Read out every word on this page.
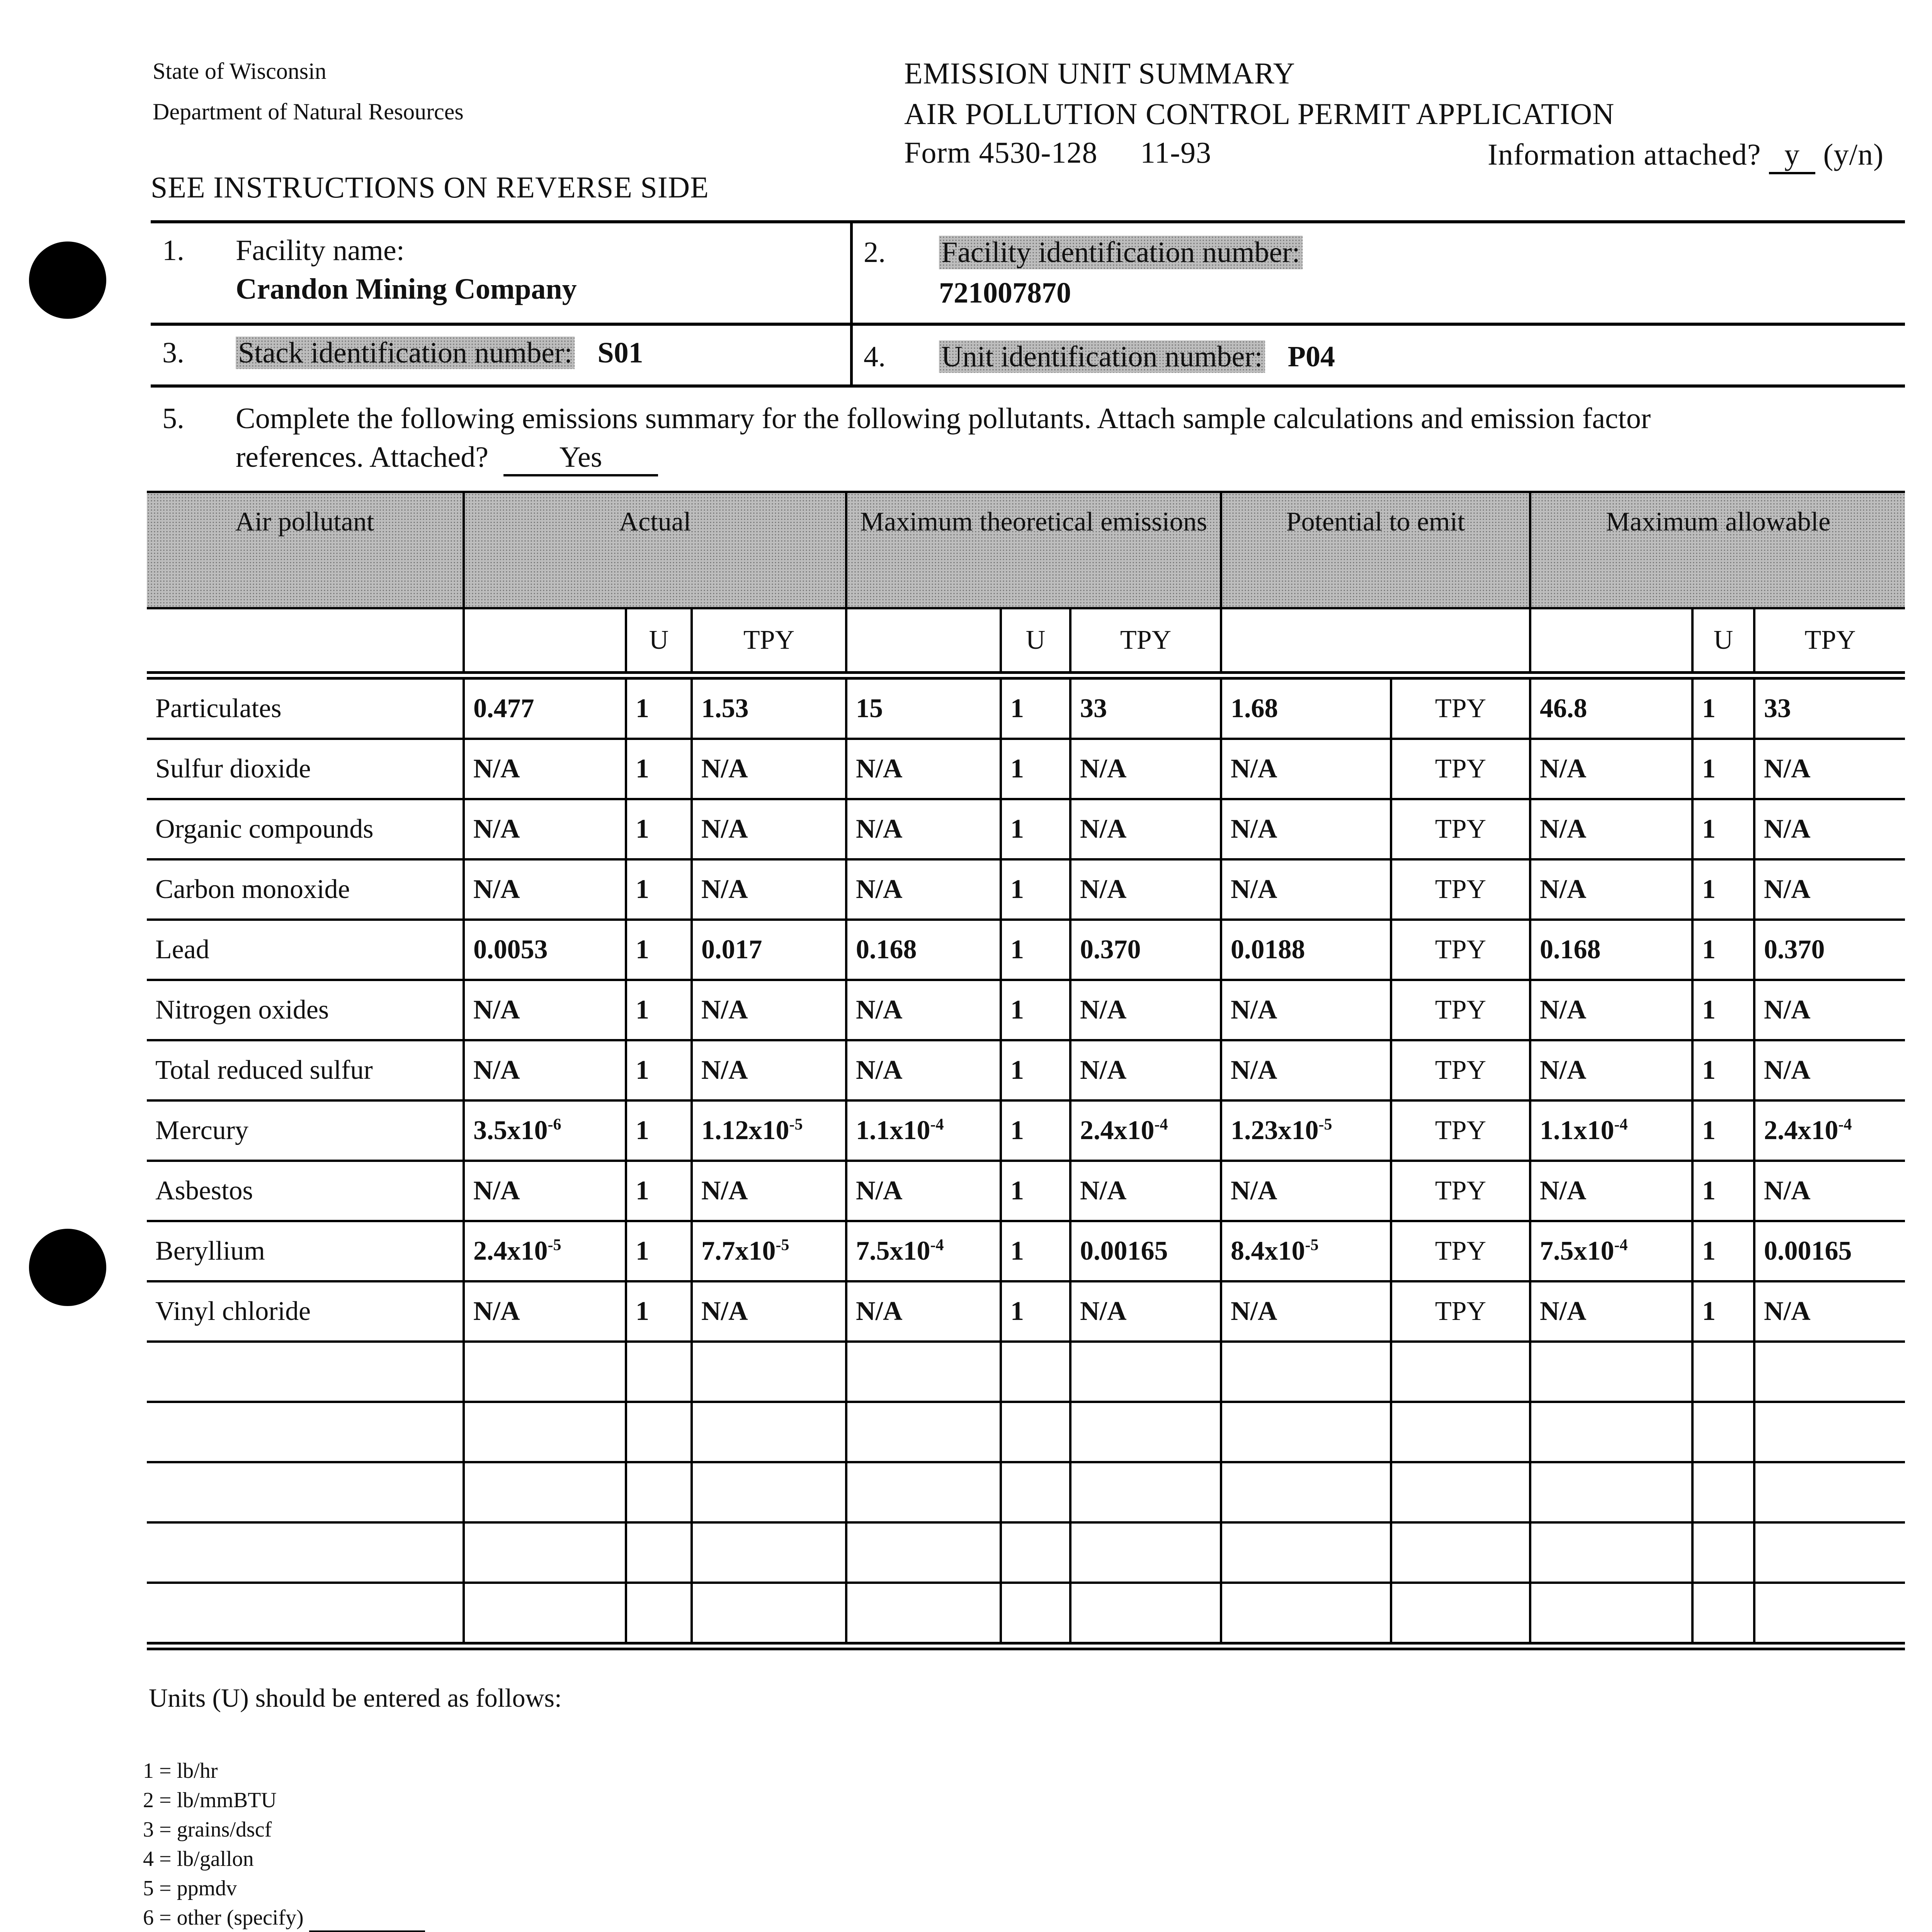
State of Wisconsin
Department of Natural Resources
SEE INSTRUCTIONS ON REVERSE SIDE
EMISSION UNIT SUMMARY
AIR POLLUTION CONTROL PERMIT APPLICATION
Form 4530-128 11-93	Information attached? y (y/n)
1. Facility name:
Crandon Mining Company
2. Facility identification number:
721007870
3. Stack identification number: S01	4. Unit identification number: P04
5. Complete the following emissions summary for the following pollutants. Attach sample calculations and emission factor
references. Attached? Yes
Air pollutant	Actual			Maximum theoretical emissions			Potential to emit		Maximum allowable		
		U	TPY		U	TPY				U	TPY
Particulates	0.477	1	1.53	15	1	33	1.68	TPY	46.8	1	33
Sulfur dioxide	N/A	1	N/A	N/A	1	N/A	N/A	TPY	N/A	1	N/A
Organic compounds	N/A	1	N/A	N/A	1	N/A	N/A	TPY	N/A	1	N/A
Carbon monoxide	N/A	1	N/A	N/A	1	N/A	N/A	TPY	N/A	1	N/A
Lead	0.0053	1	0.017	0.168	1	0.370	0.0188	TPY	0.168	1	0.370
Nitrogen oxides	N/A	1	N/A	N/A	1	N/A	N/A	TPY	N/A	1	N/A
Total reduced sulfur	N/A	1	N/A	N/A	1	N/A	N/A	TPY	N/A	1	N/A
Mercury	$3.5x10^{-6}$	1	$1.12x10^{-5}$	$1.1x10^{-4}$	1	$2.4x10^{-4}$	$1.23x10^{-5}$	TPY	$1.1x10^{-4}$	1	$2.4x10^{-4}$
Asbestos	N/A	1	N/A	N/A	1	N/A	N/A	TPY	N/A	1	N/A
Beryllium	$2.4x10^{-5}$	1	$7.7x10^{-5}$	$7.5x10^{-4}$	1	0.00165	$8.4x10^{-5}$	TPY	$7.5x10^{-4}$	1	0.00165
Vinyl chloride	N/A	1	N/A	N/A	1	N/A	N/A	TPY	N/A	1	N/A

Units (U) should be entered as follows:
1 = lb/hr
2 = lb/mmBTU
3 = grains/dscf
4 = lb/gallon
5 = ppmdv
6 = other (specify)
